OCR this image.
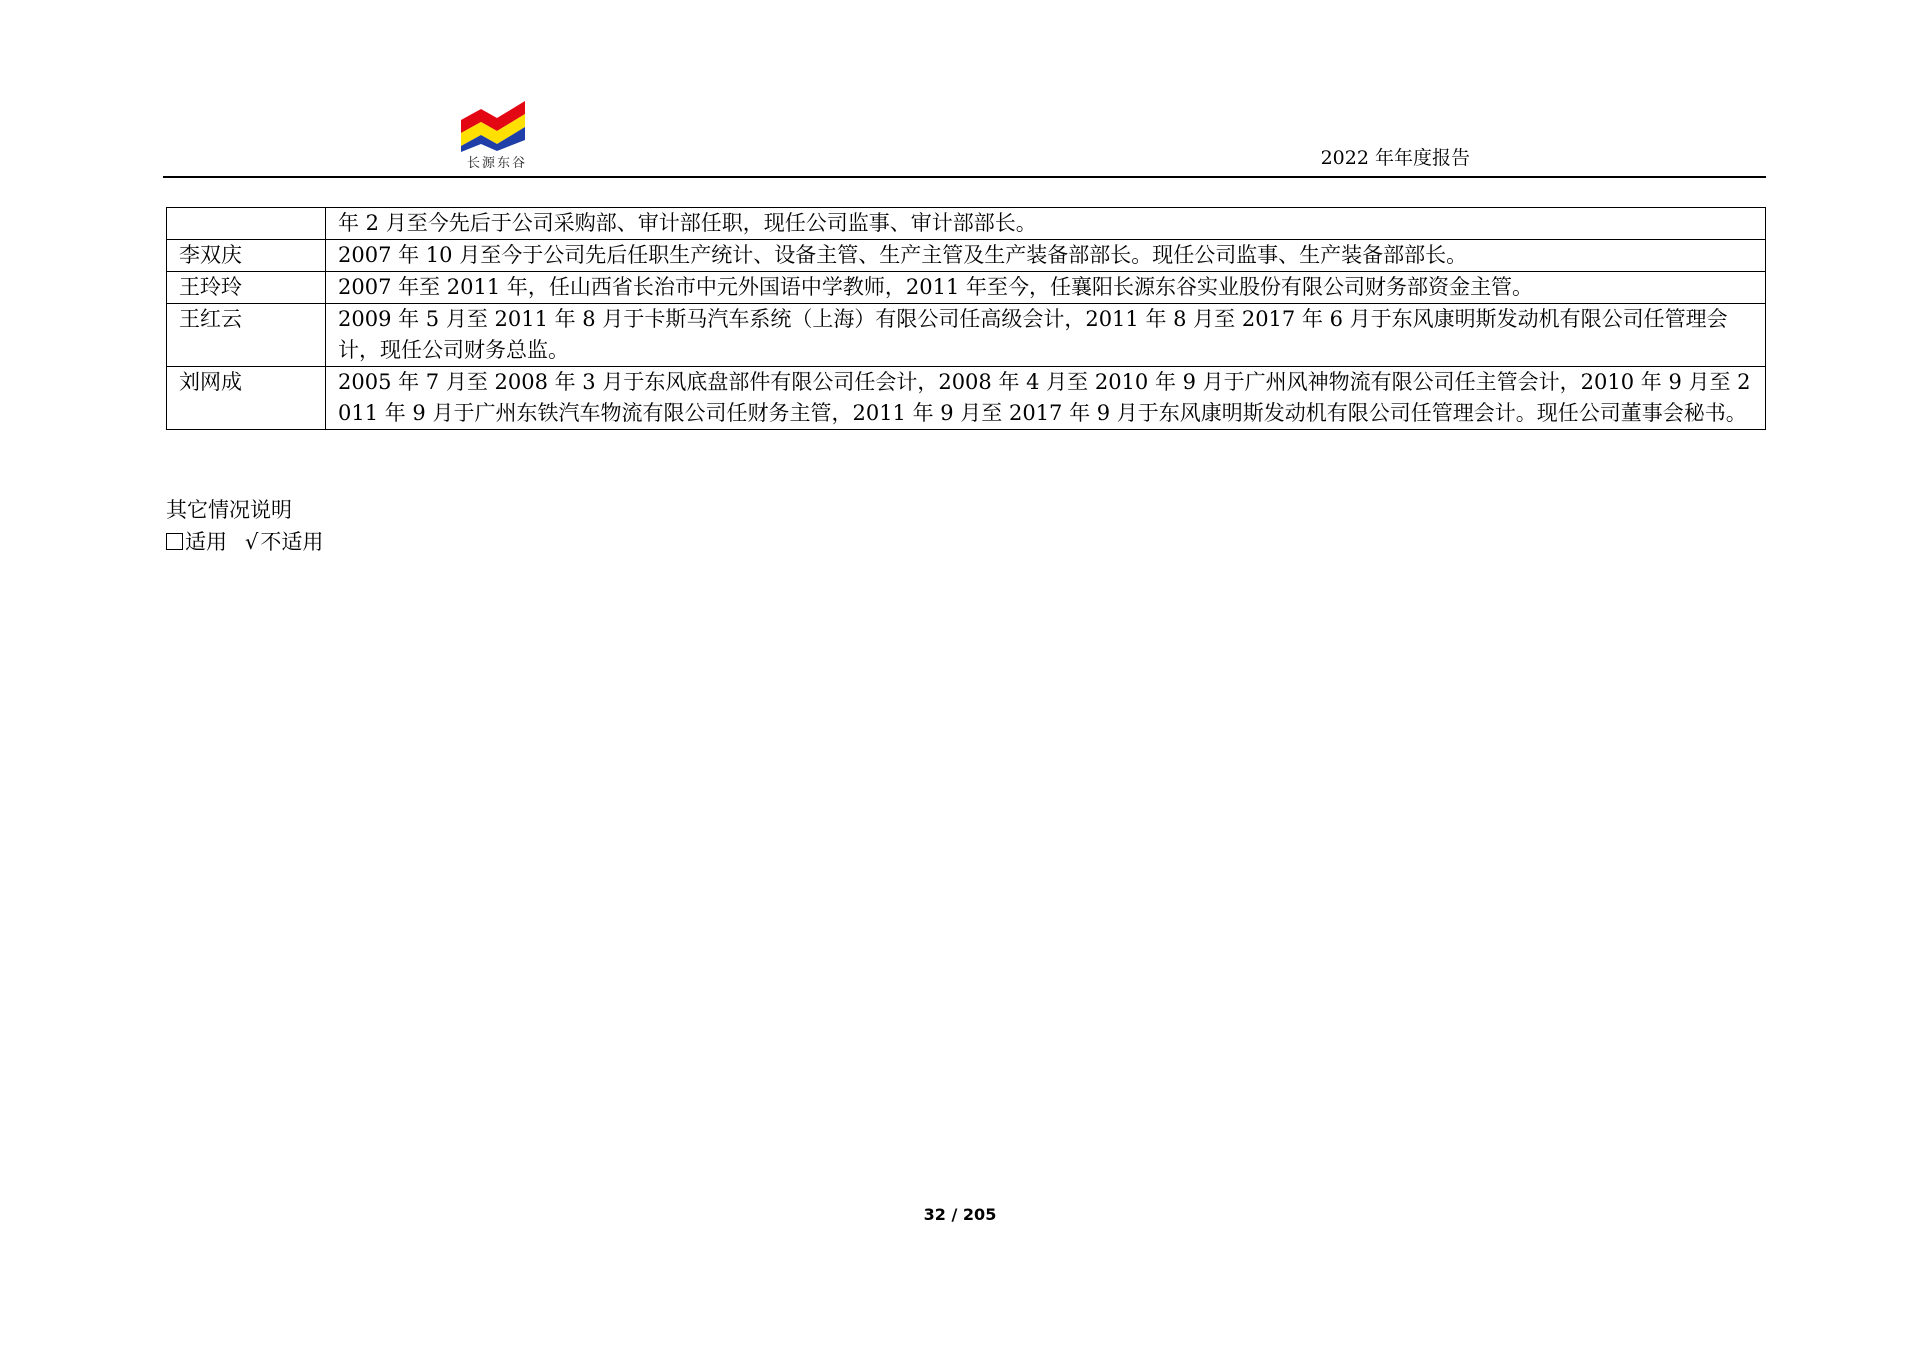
长源东谷	2022 年年度报告
	年 2 月至今先后于公司采购部、审计部任职，现任公司监事、审计部部长。
李双庆	2007 年 10 月至今于公司先后任职生产统计、设备主管、生产主管及生产装备部部长。现任公司监事、生产装备部部长。
王玲玲	2007 年至 2011 年，任山西省长治市中元外国语中学教师，2011 年至今，任襄阳长源东谷实业股份有限公司财务部资金主管。
王红云	2009 年 5 月至 2011 年 8 月于卡斯马汽车系统（上海）有限公司任高级会计，2011 年 8 月至 2017 年 6 月于东风康明斯发动机有限公司任管理会计，现任公司财务总监。
刘网成	2005 年 7 月至 2008 年 3 月于东风底盘部件有限公司任会计，2008 年 4 月至 2010 年 9 月于广州风神物流有限公司任主管会计，2010 年 9 月至 2011 年 9 月于广州东铁汽车物流有限公司任财务主管，2011 年 9 月至 2017 年 9 月于东风康明斯发动机有限公司任管理会计。现任公司董事会秘书。
其它情况说明
适用 √不适用
32 / 205
